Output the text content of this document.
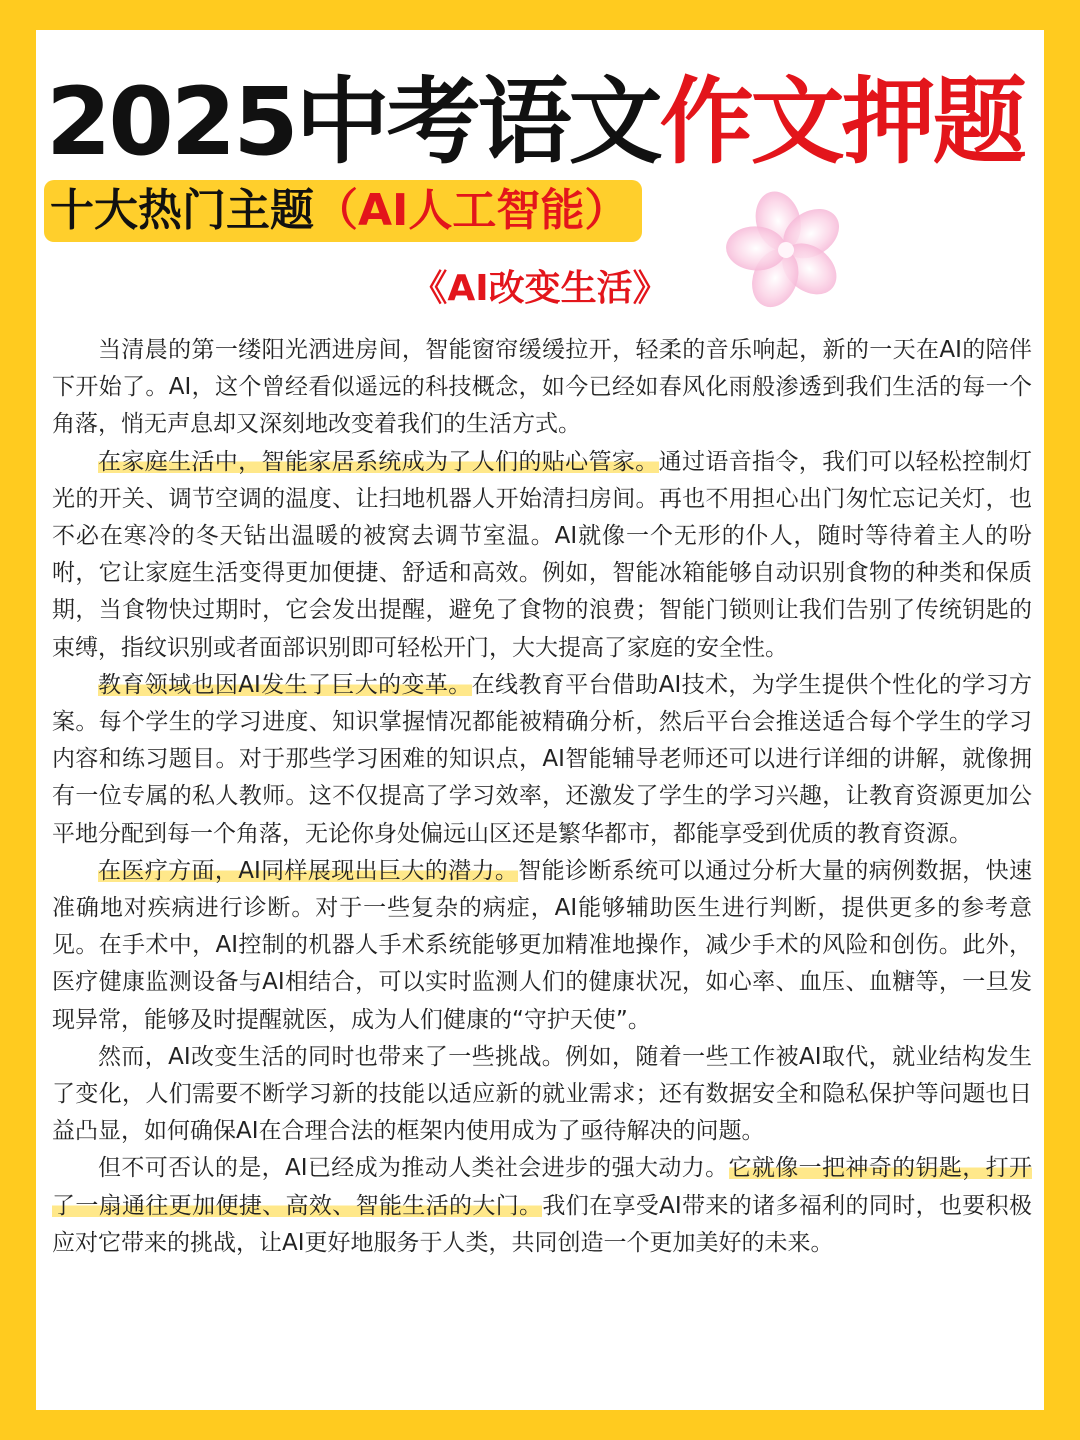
2025中考语文作文押题
十大热门主题（AI人工智能）
《AI改变生活》

当清晨的第一缕阳光洒进房间，智能窗帘缓缓拉开，轻柔的音乐响起，新的一天在AI的陪伴下开始了。AI，这个曾经看似遥远的科技概念，如今已经如春风化雨般渗透到我们生活的每一个角落，悄无声息却又深刻地改变着我们的生活方式。

在家庭生活中，智能家居系统成为了人们的贴心管家。通过语音指令，我们可以轻松控制灯光的开关、调节空调的温度、让扫地机器人开始清扫房间。再也不用担心出门匆忙忘记关灯，也不必在寒冷的冬天钻出温暖的被窝去调节室温。AI就像一个无形的仆人，随时等待着主人的吩咐，它让家庭生活变得更加便捷、舒适和高效。例如，智能冰箱能够自动识别食物的种类和保质期，当食物快过期时，它会发出提醒，避免了食物的浪费；智能门锁则让我们告别了传统钥匙的束缚，指纹识别或者面部识别即可轻松开门，大大提高了家庭的安全性。

教育领域也因AI发生了巨大的变革。在线教育平台借助AI技术，为学生提供个性化的学习方案。每个学生的学习进度、知识掌握情况都能被精确分析，然后平台会推送适合每个学生的学习内容和练习题目。对于那些学习困难的知识点，AI智能辅导老师还可以进行详细的讲解，就像拥有一位专属的私人教师。这不仅提高了学习效率，还激发了学生的学习兴趣，让教育资源更加公平地分配到每一个角落，无论你身处偏远山区还是繁华都市，都能享受到优质的教育资源。

在医疗方面，AI同样展现出巨大的潜力。智能诊断系统可以通过分析大量的病例数据，快速准确地对疾病进行诊断。对于一些复杂的病症，AI能够辅助医生进行判断，提供更多的参考意见。在手术中，AI控制的机器人手术系统能够更加精准地操作，减少手术的风险和创伤。此外，医疗健康监测设备与AI相结合，可以实时监测人们的健康状况，如心率、血压、血糖等，一旦发现异常，能够及时提醒就医，成为人们健康的“守护天使”。

然而，AI改变生活的同时也带来了一些挑战。例如，随着一些工作被AI取代，就业结构发生了变化，人们需要不断学习新的技能以适应新的就业需求；还有数据安全和隐私保护等问题也日益凸显，如何确保AI在合理合法的框架内使用成为了亟待解决的问题。

但不可否认的是，AI已经成为推动人类社会进步的强大动力。它就像一把神奇的钥匙，打开了一扇通往更加便捷、高效、智能生活的大门。我们在享受AI带来的诸多福利的同时，也要积极应对它带来的挑战，让AI更好地服务于人类，共同创造一个更加美好的未来。
